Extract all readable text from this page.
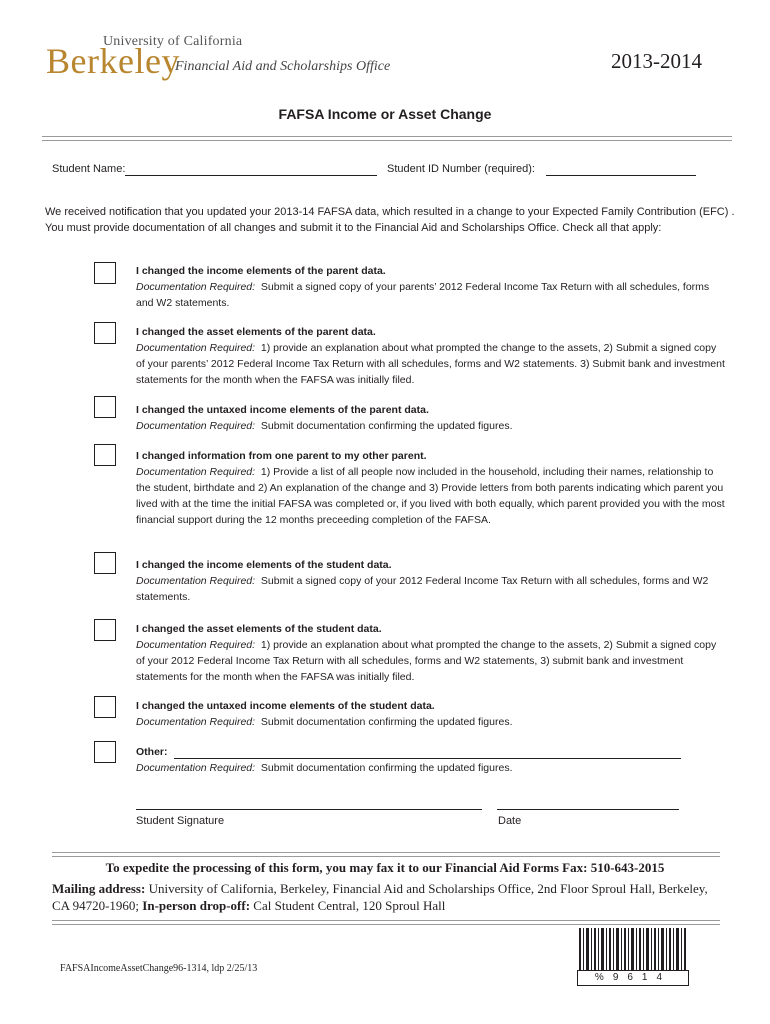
University of California
Berkeley
Financial Aid and Scholarships Office	2013-2014
FAFSA Income or Asset Change
Student Name:	Student ID Number (required):
We received notification that you updated your 2013-14 FAFSA data, which resulted in a change to your Expected Family Contribution (EFC) . You must provide documentation of all changes and submit it to the Financial Aid and Scholarships Office. Check all that apply:
I changed the income elements of the parent data.
Documentation Required: Submit a signed copy of your parents’ 2012 Federal Income Tax Return with all schedules, forms and W2 statements.
I changed the asset elements of the parent data.
Documentation Required: 1) provide an explanation about what prompted the change to the assets, 2) Submit a signed copy of your parents’ 2012 Federal Income Tax Return with all schedules, forms and W2 statements. 3) Submit bank and investment statements for the month when the FAFSA was initially filed.
I changed the untaxed income elements of the parent data.
Documentation Required: Submit documentation confirming the updated figures.
I changed information from one parent to my other parent.
Documentation Required: 1) Provide a list of all people now included in the household, including their names, relationship to the student, birthdate and 2) An explanation of the change and 3) Provide letters from both parents indicating which parent you lived with at the time the initial FAFSA was completed or, if you lived with both equally, which parent provided you with the most financial support during the 12 months preceeding completion of the FAFSA.
I changed the income elements of the student data.
Documentation Required: Submit a signed copy of your 2012 Federal Income Tax Return with all schedules, forms and W2 statements.
I changed the asset elements of the student data.
Documentation Required: 1) provide an explanation about what prompted the change to the assets, 2) Submit a signed copy of your 2012 Federal Income Tax Return with all schedules, forms and W2 statements, 3) submit bank and investment statements for the month when the FAFSA was initially filed.
I changed the untaxed income elements of the student data.
Documentation Required: Submit documentation confirming the updated figures.
Other:
Documentation Required: Submit documentation confirming the updated figures.
Student Signature	Date
To expedite the processing of this form, you may fax it to our Financial Aid Forms Fax: 510-643-2015
Mailing address: University of California, Berkeley, Financial Aid and Scholarships Office, 2nd Floor Sproul Hall, Berkeley, CA 94720-1960; In-person drop-off: Cal Student Central, 120 Sproul Hall
FAFSAIncomeAssetChange96-1314, ldp 2/25/13
%9614
